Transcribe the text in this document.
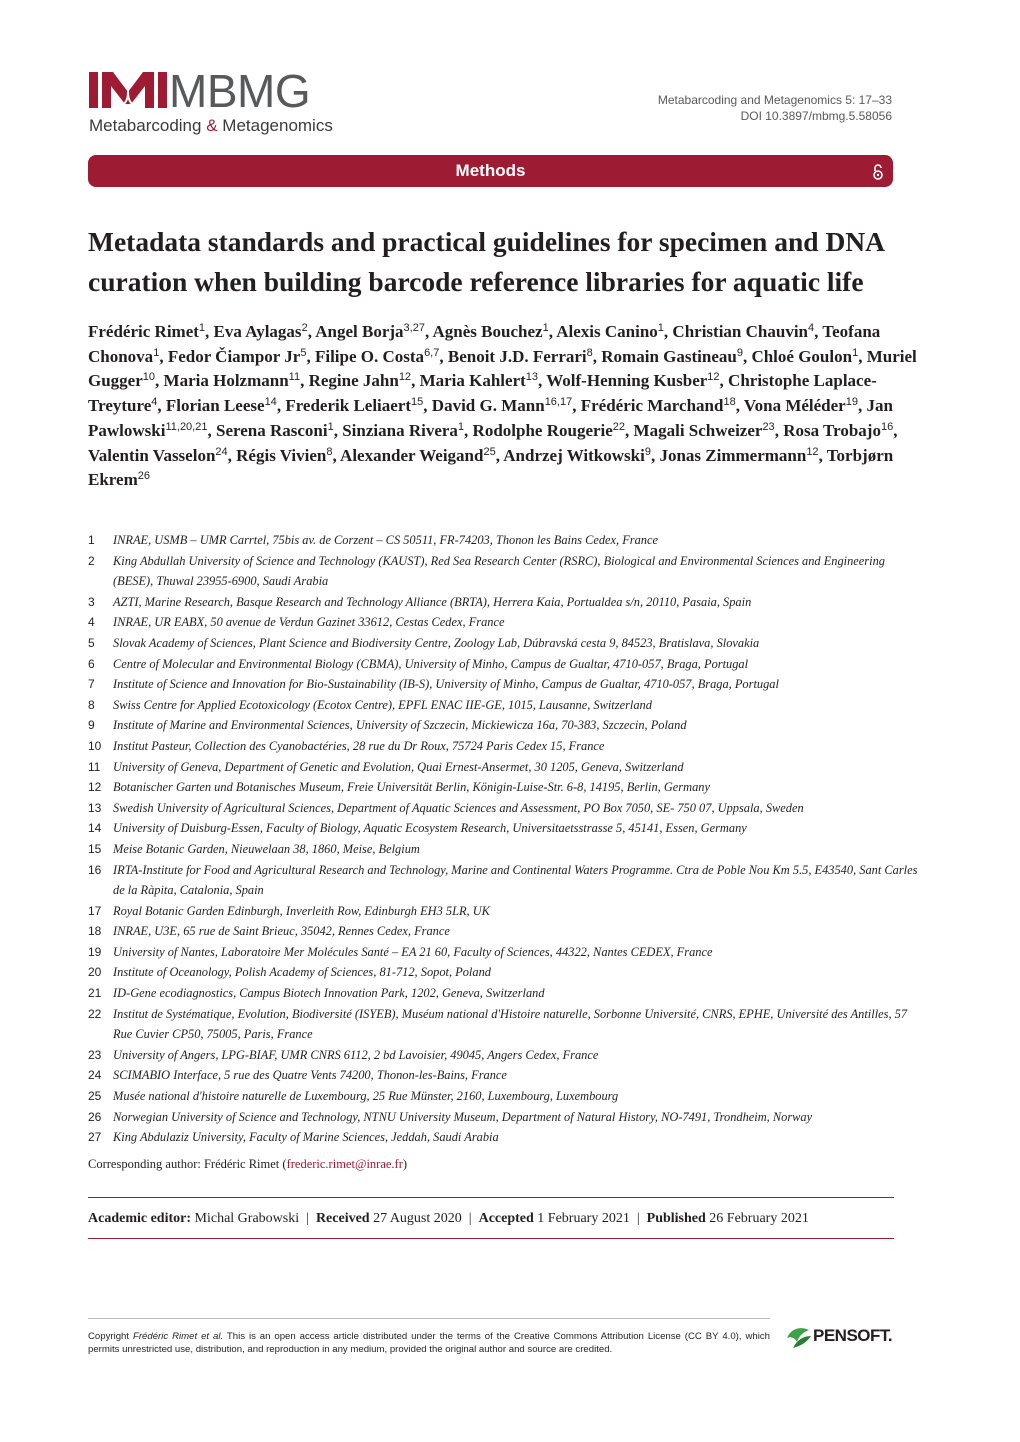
MBMG
Metabarcoding & Metagenomics
Metabarcoding and Metagenomics 5: 17–33
DOI 10.3897/mbmg.5.58056
Methods
Metadata standards and practical guidelines for specimen and DNA curation when building barcode reference libraries for aquatic life
Frédéric Rimet$^1$, Eva Aylagas$^2$, Angel Borja$^{3,27}$, Agnès Bouchez$^1$, Alexis Canino$^1$, Christian Chauvin$^4$, Teofana Chonova$^1$, Fedor Čiampor Jr$^5$, Filipe O. Costa$^{6,7}$, Benoit J.D. Ferrari$^8$, Romain Gastineau$^9$, Chloé Goulon$^1$, Muriel Gugger$^{10}$, Maria Holzmann$^{11}$, Regine Jahn$^{12}$, Maria Kahlert$^{13}$, Wolf-Henning Kusber$^{12}$, Christophe Laplace-Treyture$^4$, Florian Leese$^{14}$, Frederik Leliaert$^{15}$, David G. Mann$^{16,17}$, Frédéric Marchand$^{18}$, Vona Méléder$^{19}$, Jan Pawlowski$^{11,20,21}$, Serena Rasconi$^1$, Sinziana Rivera$^1$, Rodolphe Rougerie$^{22}$, Magali Schweizer$^{23}$, Rosa Trobajo$^{16}$, Valentin Vasselon$^{24}$, Régis Vivien$^8$, Alexander Weigand$^{25}$, Andrzej Witkowski$^9$, Jonas Zimmermann$^{12}$, Torbjørn Ekrem$^{26}$
1 INRAE, USMB – UMR Carrtel, 75bis av. de Corzent – CS 50511, FR-74203, Thonon les Bains Cedex, France
2 King Abdullah University of Science and Technology (KAUST), Red Sea Research Center (RSRC), Biological and Environmental Sciences and Engineering (BESE), Thuwal 23955-6900, Saudi Arabia
3 AZTI, Marine Research, Basque Research and Technology Alliance (BRTA), Herrera Kaia, Portualdea s/n, 20110, Pasaia, Spain
4 INRAE, UR EABX, 50 avenue de Verdun Gazinet 33612, Cestas Cedex, France
5 Slovak Academy of Sciences, Plant Science and Biodiversity Centre, Zoology Lab, Dúbravská cesta 9, 84523, Bratislava, Slovakia
6 Centre of Molecular and Environmental Biology (CBMA), University of Minho, Campus de Gualtar, 4710-057, Braga, Portugal
7 Institute of Science and Innovation for Bio-Sustainability (IB-S), University of Minho, Campus de Gualtar, 4710-057, Braga, Portugal
8 Swiss Centre for Applied Ecotoxicology (Ecotox Centre), EPFL ENAC IIE-GE, 1015, Lausanne, Switzerland
9 Institute of Marine and Environmental Sciences, University of Szczecin, Mickiewicza 16a, 70-383, Szczecin, Poland
10 Institut Pasteur, Collection des Cyanobactéries, 28 rue du Dr Roux, 75724 Paris Cedex 15, France
11 University of Geneva, Department of Genetic and Evolution, Quai Ernest-Ansermet, 30 1205, Geneva, Switzerland
12 Botanischer Garten und Botanisches Museum, Freie Universität Berlin, Königin-Luise-Str. 6-8, 14195, Berlin, Germany
13 Swedish University of Agricultural Sciences, Department of Aquatic Sciences and Assessment, PO Box 7050, SE- 750 07, Uppsala, Sweden
14 University of Duisburg-Essen, Faculty of Biology, Aquatic Ecosystem Research, Universitaetsstrasse 5, 45141, Essen, Germany
15 Meise Botanic Garden, Nieuwelaan 38, 1860, Meise, Belgium
16 IRTA-Institute for Food and Agricultural Research and Technology, Marine and Continental Waters Programme. Ctra de Poble Nou Km 5.5, E43540, Sant Carles de la Ràpita, Catalonia, Spain
17 Royal Botanic Garden Edinburgh, Inverleith Row, Edinburgh EH3 5LR, UK
18 INRAE, U3E, 65 rue de Saint Brieuc, 35042, Rennes Cedex, France
19 University of Nantes, Laboratoire Mer Molécules Santé – EA 21 60, Faculty of Sciences, 44322, Nantes CEDEX, France
20 Institute of Oceanology, Polish Academy of Sciences, 81-712, Sopot, Poland
21 ID-Gene ecodiagnostics, Campus Biotech Innovation Park, 1202, Geneva, Switzerland
22 Institut de Systématique, Evolution, Biodiversité (ISYEB), Muséum national d'Histoire naturelle, Sorbonne Université, CNRS, EPHE, Université des Antilles, 57 Rue Cuvier CP50, 75005, Paris, France
23 University of Angers, LPG-BIAF, UMR CNRS 6112, 2 bd Lavoisier, 49045, Angers Cedex, France
24 SCIMABIO Interface, 5 rue des Quatre Vents 74200, Thonon-les-Bains, France
25 Musée national d'histoire naturelle de Luxembourg, 25 Rue Münster, 2160, Luxembourg, Luxembourg
26 Norwegian University of Science and Technology, NTNU University Museum, Department of Natural History, NO-7491, Trondheim, Norway
27 King Abdulaziz University, Faculty of Marine Sciences, Jeddah, Saudi Arabia
Corresponding author: Frédéric Rimet (frederic.rimet@inrae.fr)
Academic editor: Michal Grabowski | Received 27 August 2020 | Accepted 1 February 2021 | Published 26 February 2021
Copyright Frédéric Rimet et al. This is an open access article distributed under the terms of the Creative Commons Attribution License (CC BY 4.0), which permits unrestricted use, distribution, and reproduction in any medium, provided the original author and source are credited.
PENSOFT.
